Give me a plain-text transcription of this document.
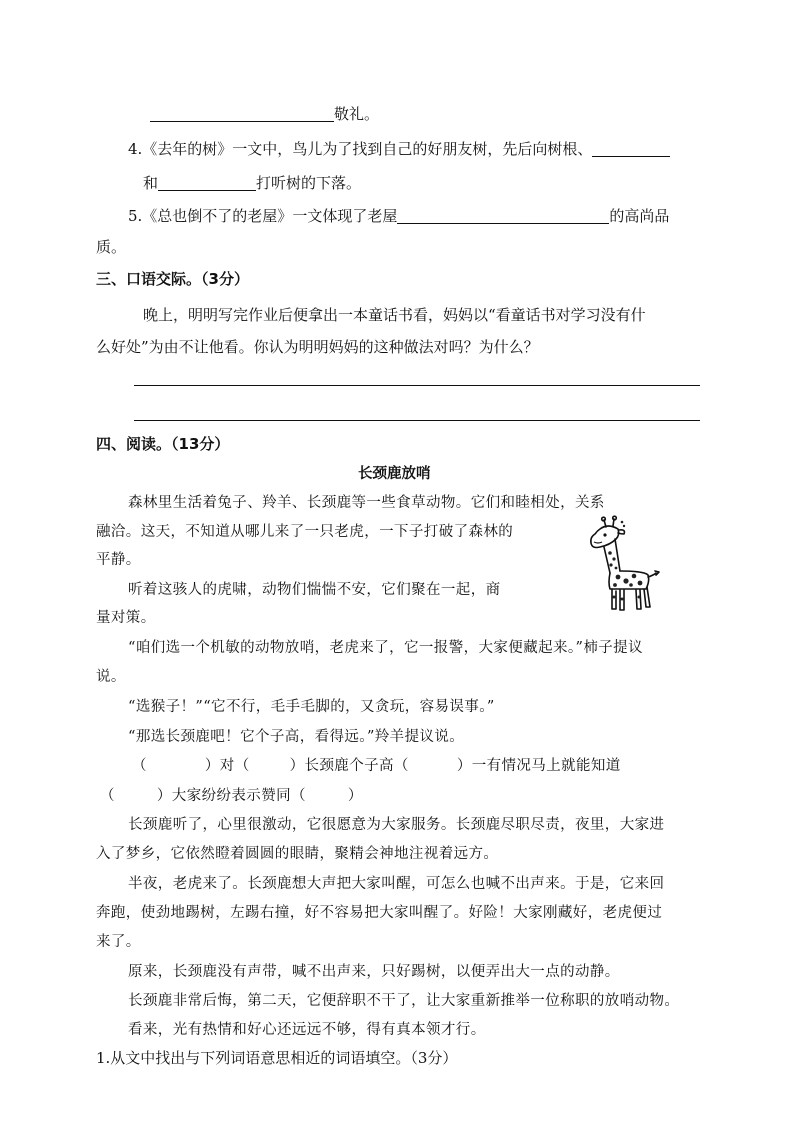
敬礼。
4.《去年的树》一文中，鸟儿为了找到自己的好朋友树，先后向树根、
和	打听树的下落。
5.《总也倒不了的老屋》一文体现了老屋	的高尚品
质。
三、口语交际。（3分）
晚上，明明写完作业后便拿出一本童话书看，妈妈以“看童话书对学习没有什
么好处”为由不让他看。你认为明明妈妈的这种做法对吗？为什么？
四、阅读。（13分）
长颈鹿放哨
森林里生活着兔子、羚羊、长颈鹿等一些食草动物。它们和睦相处，关系
融洽。这天，不知道从哪儿来了一只老虎，一下子打破了森林的
平静。
听着这骇人的虎啸，动物们惴惴不安，它们聚在一起，商
量对策。
“咱们选一个机敏的动物放哨，老虎来了，它一报警，大家便藏起来。”柿子提议
说。
“选猴子！”“它不行，毛手毛脚的，又贪玩，容易误事。”
“那选长颈鹿吧！它个子高，看得远。”羚羊提议说。
（	）对（	）长颈鹿个子高（	）一有情况马上就能知道
（	）大家纷纷表示赞同（	）
长颈鹿听了，心里很激动，它很愿意为大家服务。长颈鹿尽职尽责，夜里，大家进
入了梦乡，它依然瞪着圆圆的眼睛，聚精会神地注视着远方。
半夜，老虎来了。长颈鹿想大声把大家叫醒，可怎么也喊不出声来。于是，它来回
奔跑，使劲地踢树，左踢右撞，好不容易把大家叫醒了。好险！大家刚藏好，老虎便过
来了。
原来，长颈鹿没有声带，喊不出声来，只好踢树，以便弄出大一点的动静。
长颈鹿非常后悔，第二天，它便辞职不干了，让大家重新推举一位称职的放哨动物。
看来，光有热情和好心还远远不够，得有真本领才行。
1.从文中找出与下列词语意思相近的词语填空。（3分）
